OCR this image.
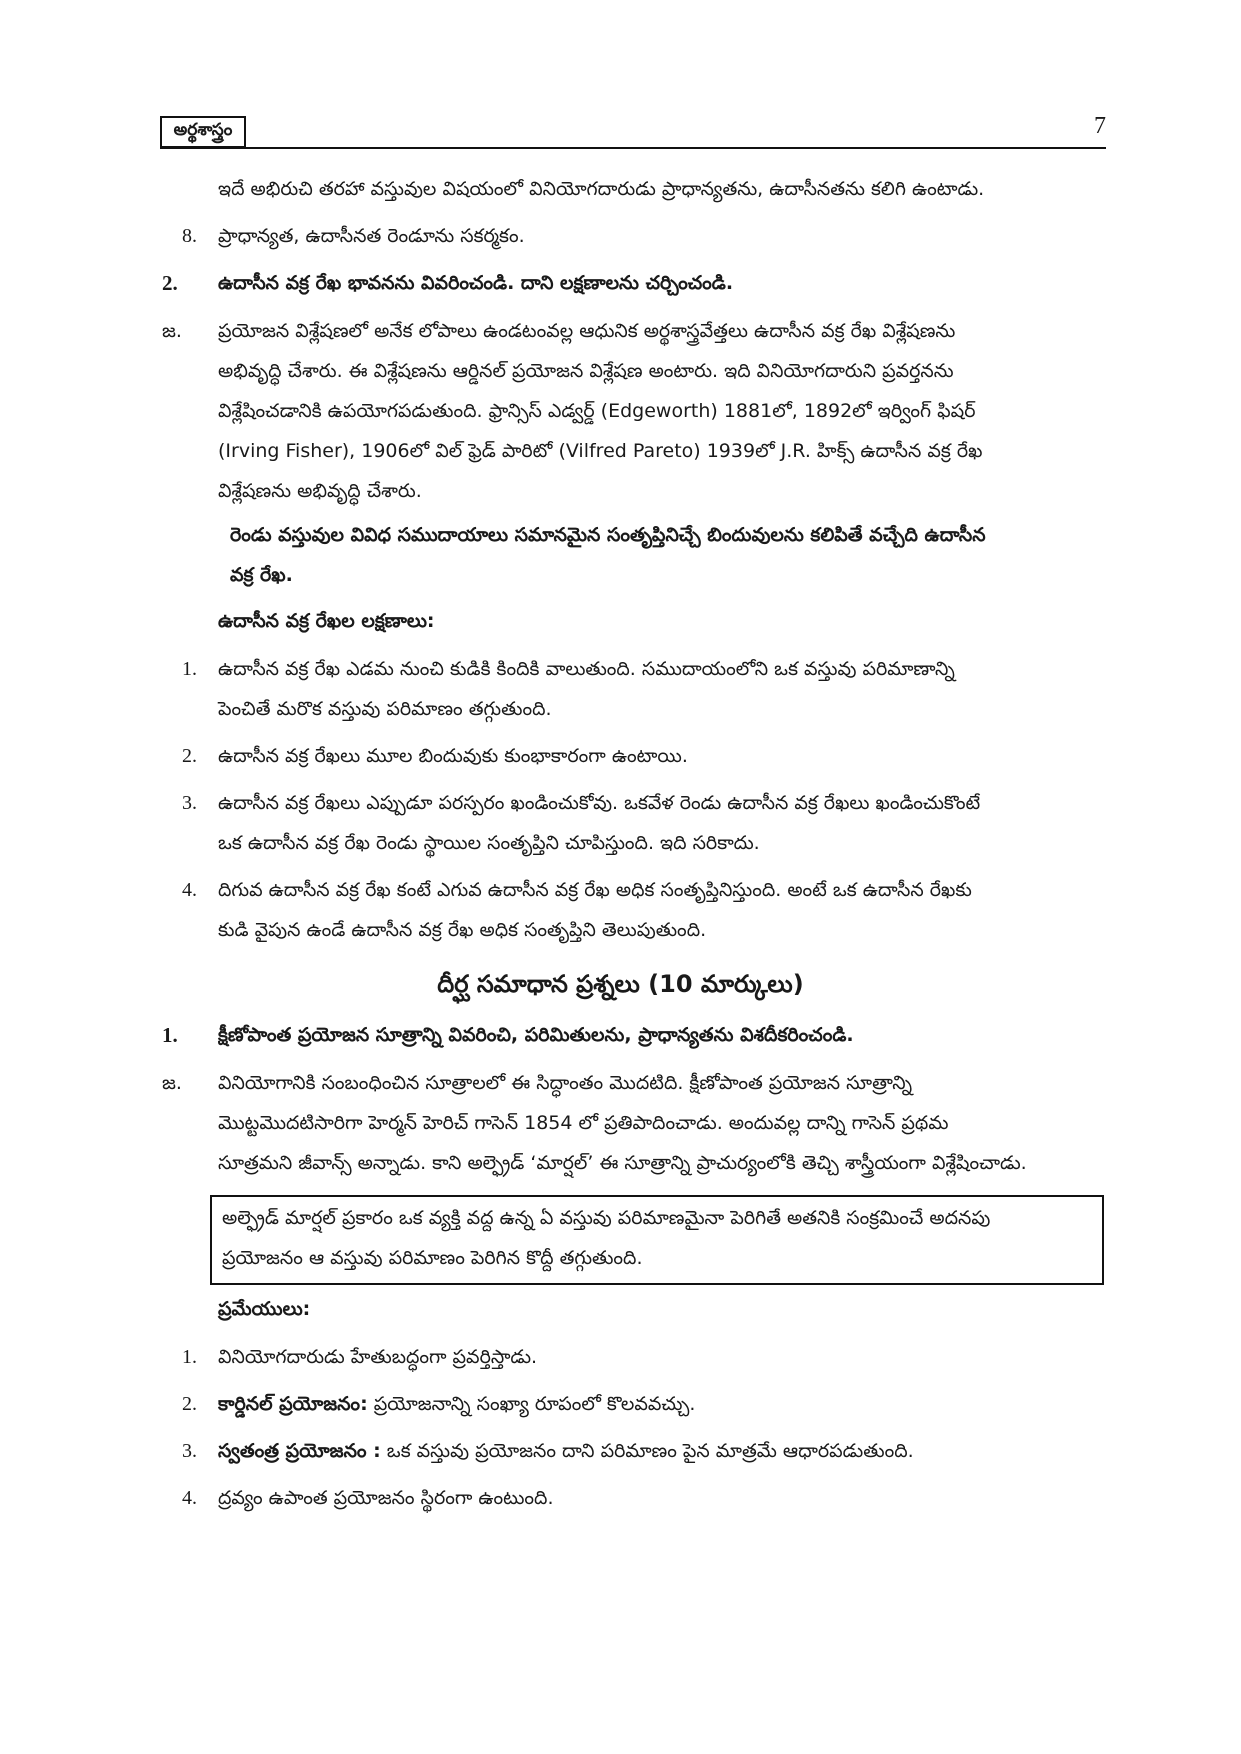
అర్థశాస్త్రం	7
ఇదే అభిరుచి తరహా వస్తువుల విషయంలో వినియోగదారుడు ప్రాధాన్యతను, ఉదాసీనతను కలిగి ఉంటాడు.
8. ప్రాధాన్యత, ఉదాసీనత రెండూను సకర్మకం.
2. ఉదాసీన వక్ర రేఖ భావనను వివరించండి. దాని లక్షణాలను చర్చించండి.
జ. ప్రయోజన విశ్లేషణలో అనేక లోపాలు ఉండటంవల్ల ఆధునిక అర్థశాస్త్రవేత్తలు ఉదాసీన వక్ర రేఖ విశ్లేషణను
అభివృద్ధి చేశారు. ఈ విశ్లేషణను ఆర్డినల్ ప్రయోజన విశ్లేషణ అంటారు. ఇది వినియోగదారుని ప్రవర్తనను
విశ్లేషించడానికి ఉపయోగపడుతుంది. ఫ్రాన్సిస్ ఎడ్వర్డ్ (Edgeworth) 1881లో, 1892లో ఇర్వింగ్ ఫిషర్
(Irving Fisher), 1906లో విల్ ఫ్రెడ్ పారిటో (Vilfred Pareto) 1939లో J.R. హిక్స్ ఉదాసీన వక్ర రేఖ
విశ్లేషణను అభివృద్ధి చేశారు.
రెండు వస్తువుల వివిధ సముదాయాలు సమానమైన సంతృప్తినిచ్చే బిందువులను కలిపితే వచ్చేది ఉదాసీన
వక్ర రేఖ.
ఉదాసీన వక్ర రేఖల లక్షణాలు:
1. ఉదాసీన వక్ర రేఖ ఎడమ నుంచి కుడికి కిందికి వాలుతుంది. సముదాయంలోని ఒక వస్తువు పరిమాణాన్ని
పెంచితే మరొక వస్తువు పరిమాణం తగ్గుతుంది.
2. ఉదాసీన వక్ర రేఖలు మూల బిందువుకు కుంభాకారంగా ఉంటాయి.
3. ఉదాసీన వక్ర రేఖలు ఎప్పుడూ పరస్పరం ఖండించుకోవు. ఒకవేళ రెండు ఉదాసీన వక్ర రేఖలు ఖండించుకొంటే
ఒక ఉదాసీన వక్ర రేఖ రెండు స్థాయిల సంతృప్తిని చూపిస్తుంది. ఇది సరికాదు.
4. దిగువ ఉదాసీన వక్ర రేఖ కంటే ఎగువ ఉదాసీన వక్ర రేఖ అధిక సంతృప్తినిస్తుంది. అంటే ఒక ఉదాసీన రేఖకు
కుడి వైపున ఉండే ఉదాసీన వక్ర రేఖ అధిక సంతృప్తిని తెలుపుతుంది.
దీర్ఘ సమాధాన ప్రశ్నలు (10 మార్కులు)
1. క్షీణోపాంత ప్రయోజన సూత్రాన్ని వివరించి, పరిమితులను, ప్రాధాన్యతను విశదీకరించండి.
జ. వినియోగానికి సంబంధించిన సూత్రాలలో ఈ సిద్ధాంతం మొదటిది. క్షీణోపాంత ప్రయోజన సూత్రాన్ని
మొట్టమొదటిసారిగా హెర్మన్ హెరిచ్ గాసెన్ 1854 లో ప్రతిపాదించాడు. అందువల్ల దాన్ని గాసెన్ ప్రథమ
సూత్రమని జీవాన్స్ అన్నాడు. కాని అల్ఫ్రెడ్ ‘మార్షల్’ ఈ సూత్రాన్ని ప్రాచుర్యంలోకి తెచ్చి శాస్త్రీయంగా విశ్లేషించాడు.
అల్ఫ్రెడ్ మార్షల్ ప్రకారం ఒక వ్యక్తి వద్ద ఉన్న ఏ వస్తువు పరిమాణమైనా పెరిగితే అతనికి సంక్రమించే అదనపు
ప్రయోజనం ఆ వస్తువు పరిమాణం పెరిగిన కొద్దీ తగ్గుతుంది.
ప్రమేయులు:
1. వినియోగదారుడు హేతుబద్ధంగా ప్రవర్తిస్తాడు.
2. కార్డినల్ ప్రయోజనం: ప్రయోజనాన్ని సంఖ్యా రూపంలో కొలవవచ్చు.
3. స్వతంత్ర ప్రయోజనం : ఒక వస్తువు ప్రయోజనం దాని పరిమాణం పైన మాత్రమే ఆధారపడుతుంది.
4. ద్రవ్యం ఉపాంత ప్రయోజనం స్థిరంగా ఉంటుంది.
